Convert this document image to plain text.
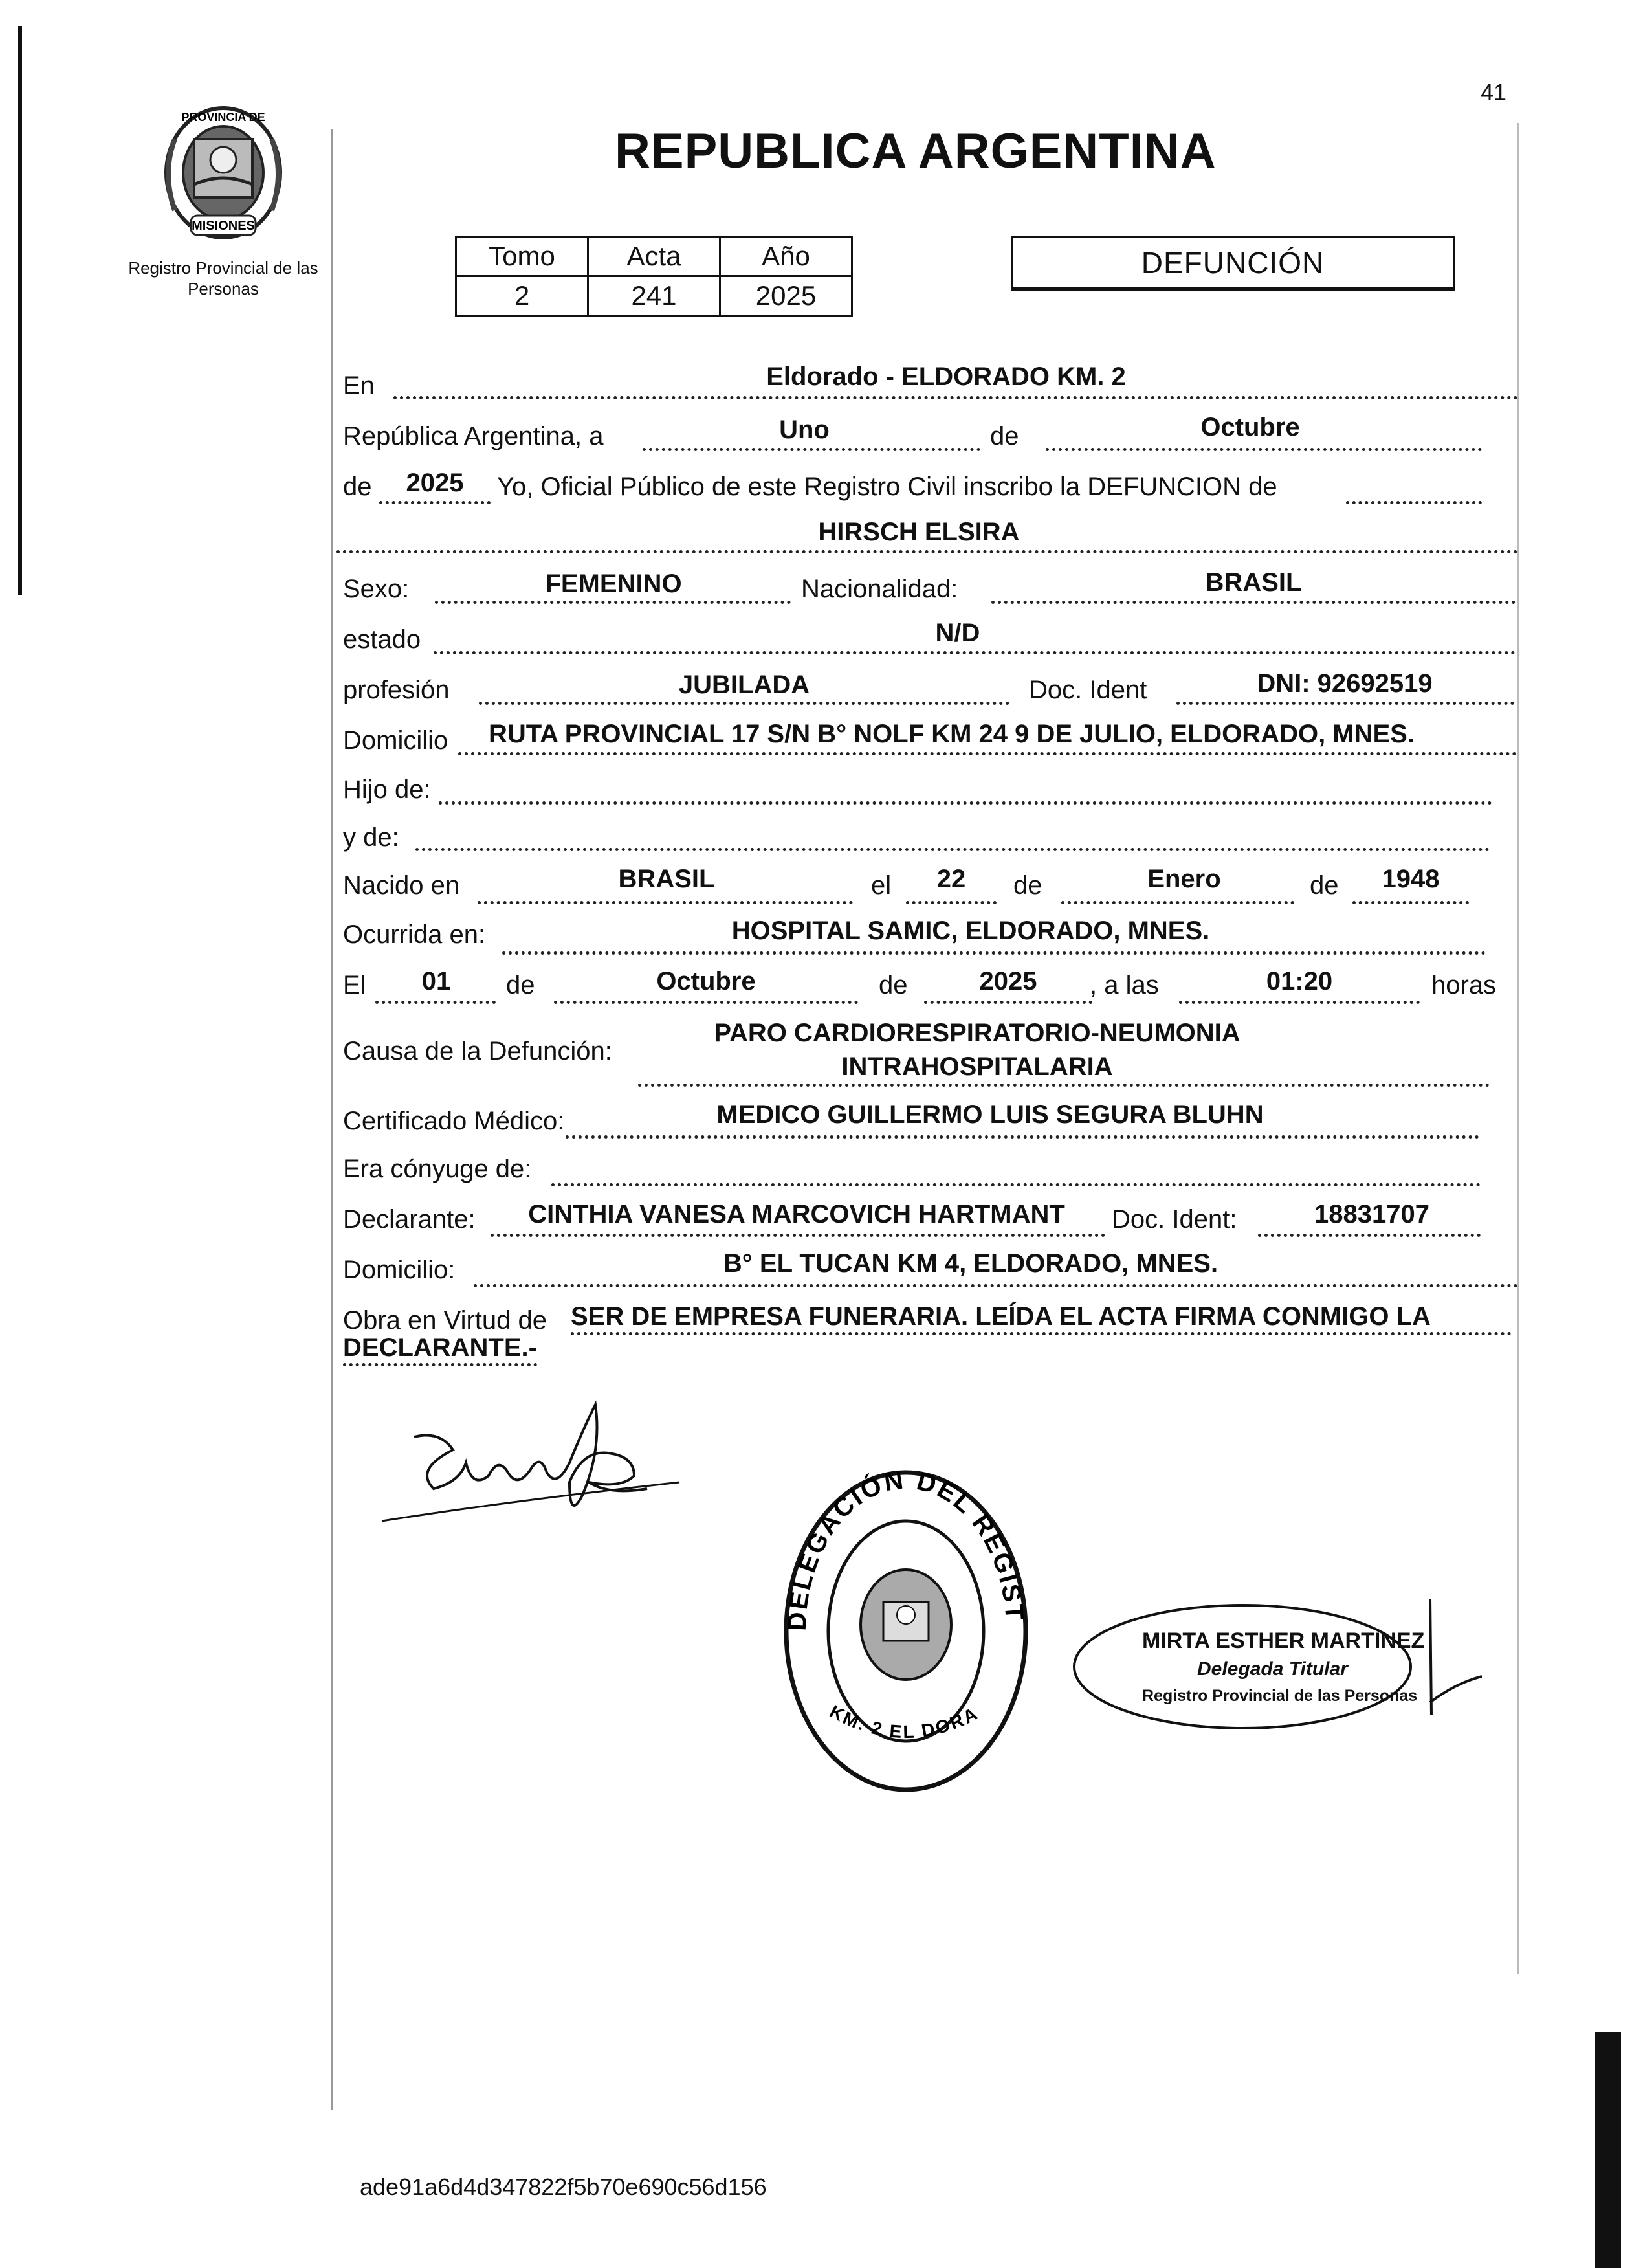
41
PROVINCIA DE
MISIONES
Registro Provincial de las Personas
REPUBLICA ARGENTINA
Tomo	Acta	Año
2	241	2025
DEFUNCIÓN
En	Eldorado - ELDORADO KM. 2
República Argentina, a	Uno	de	Octubre
de 2025 Yo, Oficial Público de este Registro Civil inscribo la DEFUNCION de
HIRSCH ELSIRA
Sexo:	FEMENINO	Nacionalidad:	BRASIL
estado	N/D
profesión	JUBILADA	Doc. Ident	DNI: 92692519
Domicilio RUTA PROVINCIAL 17 S/N B° NOLF KM 24 9 DE JULIO, ELDORADO, MNES.
Hijo de:
y de:
Nacido en	BRASIL	el	22	de	Enero	de	1948
Ocurrida en:	HOSPITAL SAMIC, ELDORADO, MNES.
El	01	de	Octubre	de	2025	, a las	01:20	horas
Causa de la Defunción:
PARO CARDIORESPIRATORIO-NEUMONIA
INTRAHOSPITALARIA
Certificado Médico:	MEDICO GUILLERMO LUIS SEGURA BLUHN
Era cónyuge de:
Declarante:	CINTHIA VANESA MARCOVICH HARTMANT	Doc. Ident:	18831707
Domicilio:	B° EL TUCAN KM 4, ELDORADO, MNES.
Obra en Virtud de SER DE EMPRESA FUNERARIA. LEÍDA EL ACTA FIRMA CONMIGO LA
DECLARANTE.-
DELEGACIÓN DEL REGIST
KM. 2 EL DORA
MIRTA ESTHER MARTINEZ
Delegada Titular
Registro Provincial de las Personas
ade91a6d4d347822f5b70e690c56d156
